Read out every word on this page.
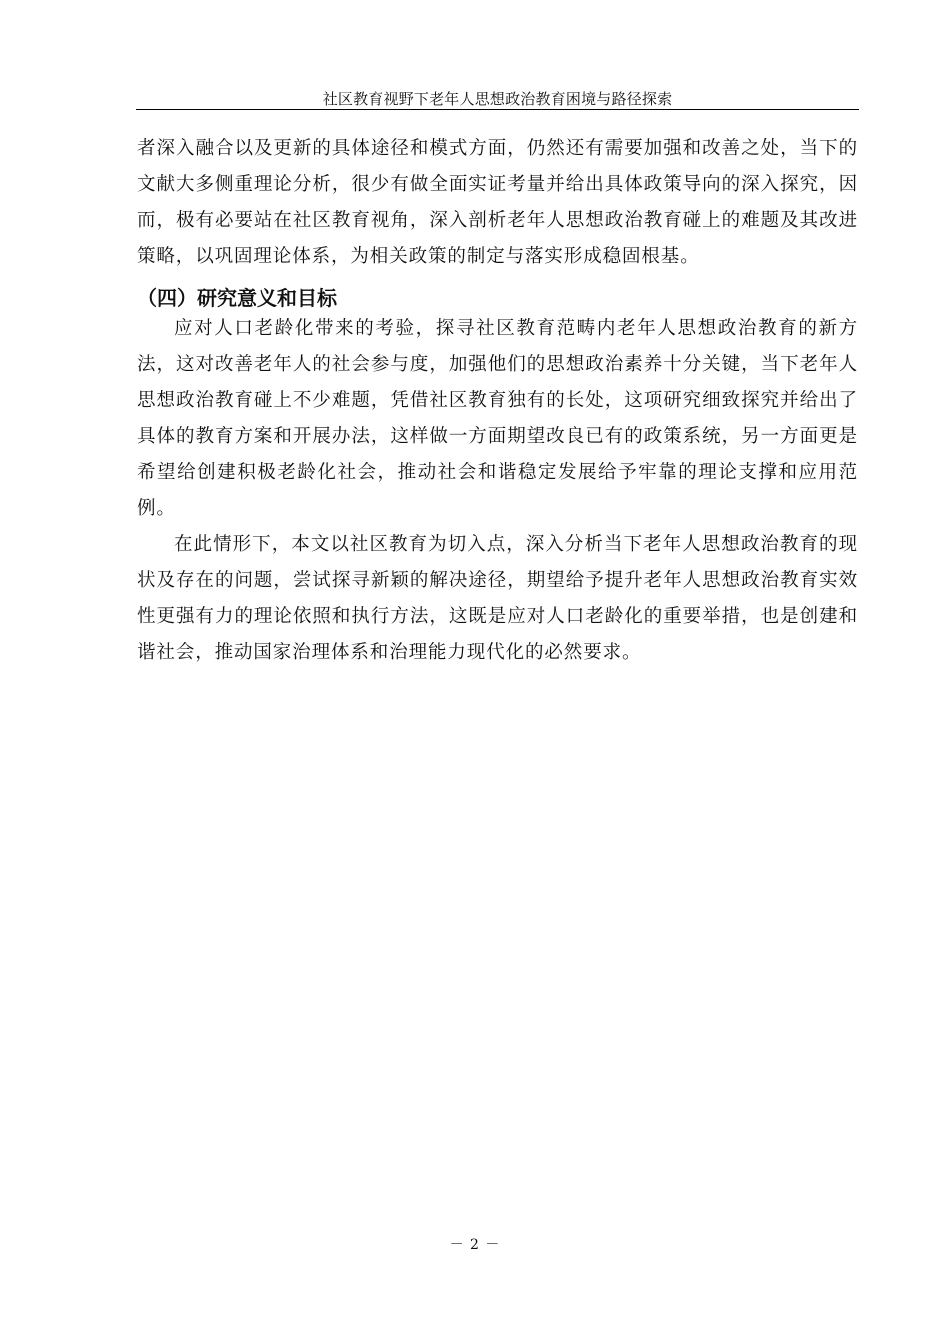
社区教育视野下老年人思想政治教育困境与路径探索

者深入融合以及更新的具体途径和模式方面，仍然还有需要加强和改善之处，当下的文献大多侧重理论分析，很少有做全面实证考量并给出具体政策导向的深入探究，因而，极有必要站在社区教育视角，深入剖析老年人思想政治教育碰上的难题及其改进策略，以巩固理论体系，为相关政策的制定与落实形成稳固根基。

（四）研究意义和目标

应对人口老龄化带来的考验，探寻社区教育范畴内老年人思想政治教育的新方法，这对改善老年人的社会参与度，加强他们的思想政治素养十分关键，当下老年人思想政治教育碰上不少难题，凭借社区教育独有的长处，这项研究细致探究并给出了具体的教育方案和开展办法，这样做一方面期望改良已有的政策系统，另一方面更是希望给创建积极老龄化社会，推动社会和谐稳定发展给予牢靠的理论支撑和应用范例。

在此情形下，本文以社区教育为切入点，深入分析当下老年人思想政治教育的现状及存在的问题，尝试探寻新颖的解决途径，期望给予提升老年人思想政治教育实效性更强有力的理论依照和执行方法，这既是应对人口老龄化的重要举措，也是创建和谐社会，推动国家治理体系和治理能力现代化的必然要求。

－ 2 －
